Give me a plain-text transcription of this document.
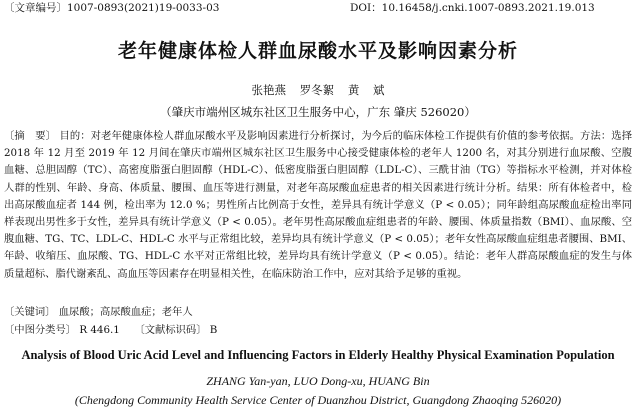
〔文章编号〕1007-0893(2021)19-0033-03	DOI：10.16458/j.cnki.1007-0893.2021.19.013
老年健康体检人群血尿酸水平及影响因素分析
张艳燕 罗冬絮 黄 斌
（肇庆市端州区城东社区卫生服务中心，广东 肇庆 526020）

〔摘　要〕 目的：对老年健康体检人群血尿酸水平及影响因素进行分析探讨，为今后的临床体检工作提供有价值的参考依据。方法：选择 2018 年 12 月至 2019 年 12 月间在肇庆市端州区城东社区卫生服务中心接受健康体检的老年人 1200 名，对其分别进行血尿酸、空腹血糖、总胆固醇（TC）、高密度脂蛋白胆固醇（HDL-C）、低密度脂蛋白胆固醇（LDL-C）、三酰甘油（TG）等指标水平检测，并对体检人群的性别、年龄、身高、体质量、腰围、血压等进行测量，对老年高尿酸血症患者的相关因素进行统计分析。结果：所有体检者中，检出高尿酸血症者 144 例，检出率为 12.0 %；男性所占比例高于女性，差异具有统计学意义（P < 0.05）；同年龄组高尿酸血症检出率同样表现出男性多于女性，差异具有统计学意义（P < 0.05）。老年男性高尿酸血症组患者的年龄、腰围、体质量指数（BMI）、血尿酸、空腹血糖、TG、TC、LDL-C、HDL-C 水平与正常组比较，差异均具有统计学意义（P < 0.05）；老年女性高尿酸血症组患者腰围、BMI、年龄、收缩压、血尿酸、TG、HDL-C 水平对正常组比较，差异均具有统计学意义（P < 0.05）。结论：老年人群高尿酸血症的发生与体质量超标、脂代谢紊乱、高血压等因素存在明显相关性，在临床防治工作中，应对其给予足够的重视。

〔关键词〕 血尿酸；高尿酸血症；老年人
〔中图分类号〕 R 446.1 〔文献标识码〕 B
Analysis of Blood Uric Acid Level and Influencing Factors in Elderly Healthy Physical Examination Population
ZHANG Yan-yan, LUO Dong-xu, HUANG Bin
(Chengdong Community Health Service Center of Duanzhou District, Guangdong Zhaoqing 526020)
